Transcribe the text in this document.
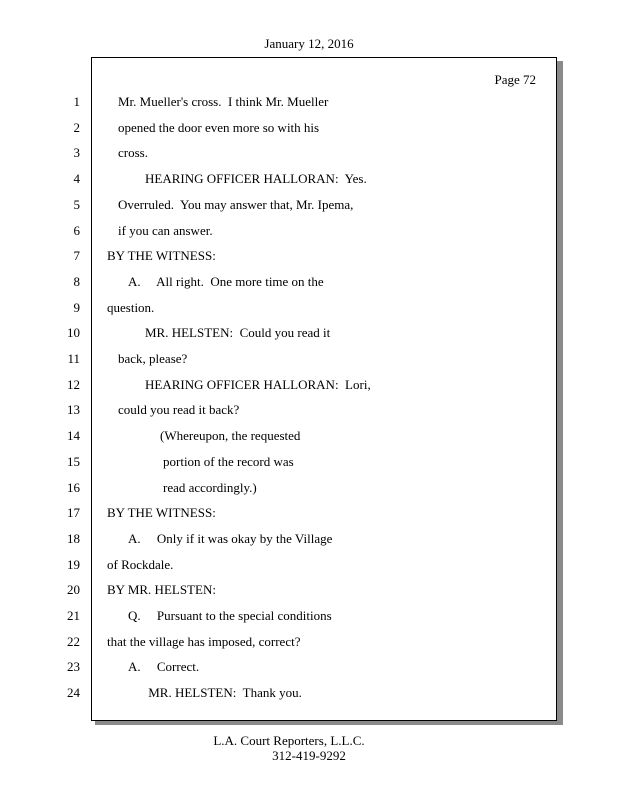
January 12, 2016
Page 72
1	Mr. Mueller's cross.  I think Mr. Mueller
2	opened the door even more so with his
3	cross.
4	HEARING OFFICER HALLORAN:  Yes.
5	Overruled.  You may answer that, Mr. Ipema,
6	if you can answer.
7 BY THE WITNESS:
8	A.     All right.  One more time on the
9 question.
10	MR. HELSTEN:  Could you read it
11	back, please?
12	HEARING OFFICER HALLORAN:  Lori,
13	could you read it back?
14	(Whereupon, the requested
15	portion of the record was
16	read accordingly.)
17 BY THE WITNESS:
18	A.     Only if it was okay by the Village
19 of Rockdale.
20 BY MR. HELSTEN:
21	Q.     Pursuant to the special conditions
22 that the village has imposed, correct?
23	A.     Correct.
24	MR. HELSTEN:  Thank you.
L.A. Court Reporters, L.L.C.
312-419-9292
